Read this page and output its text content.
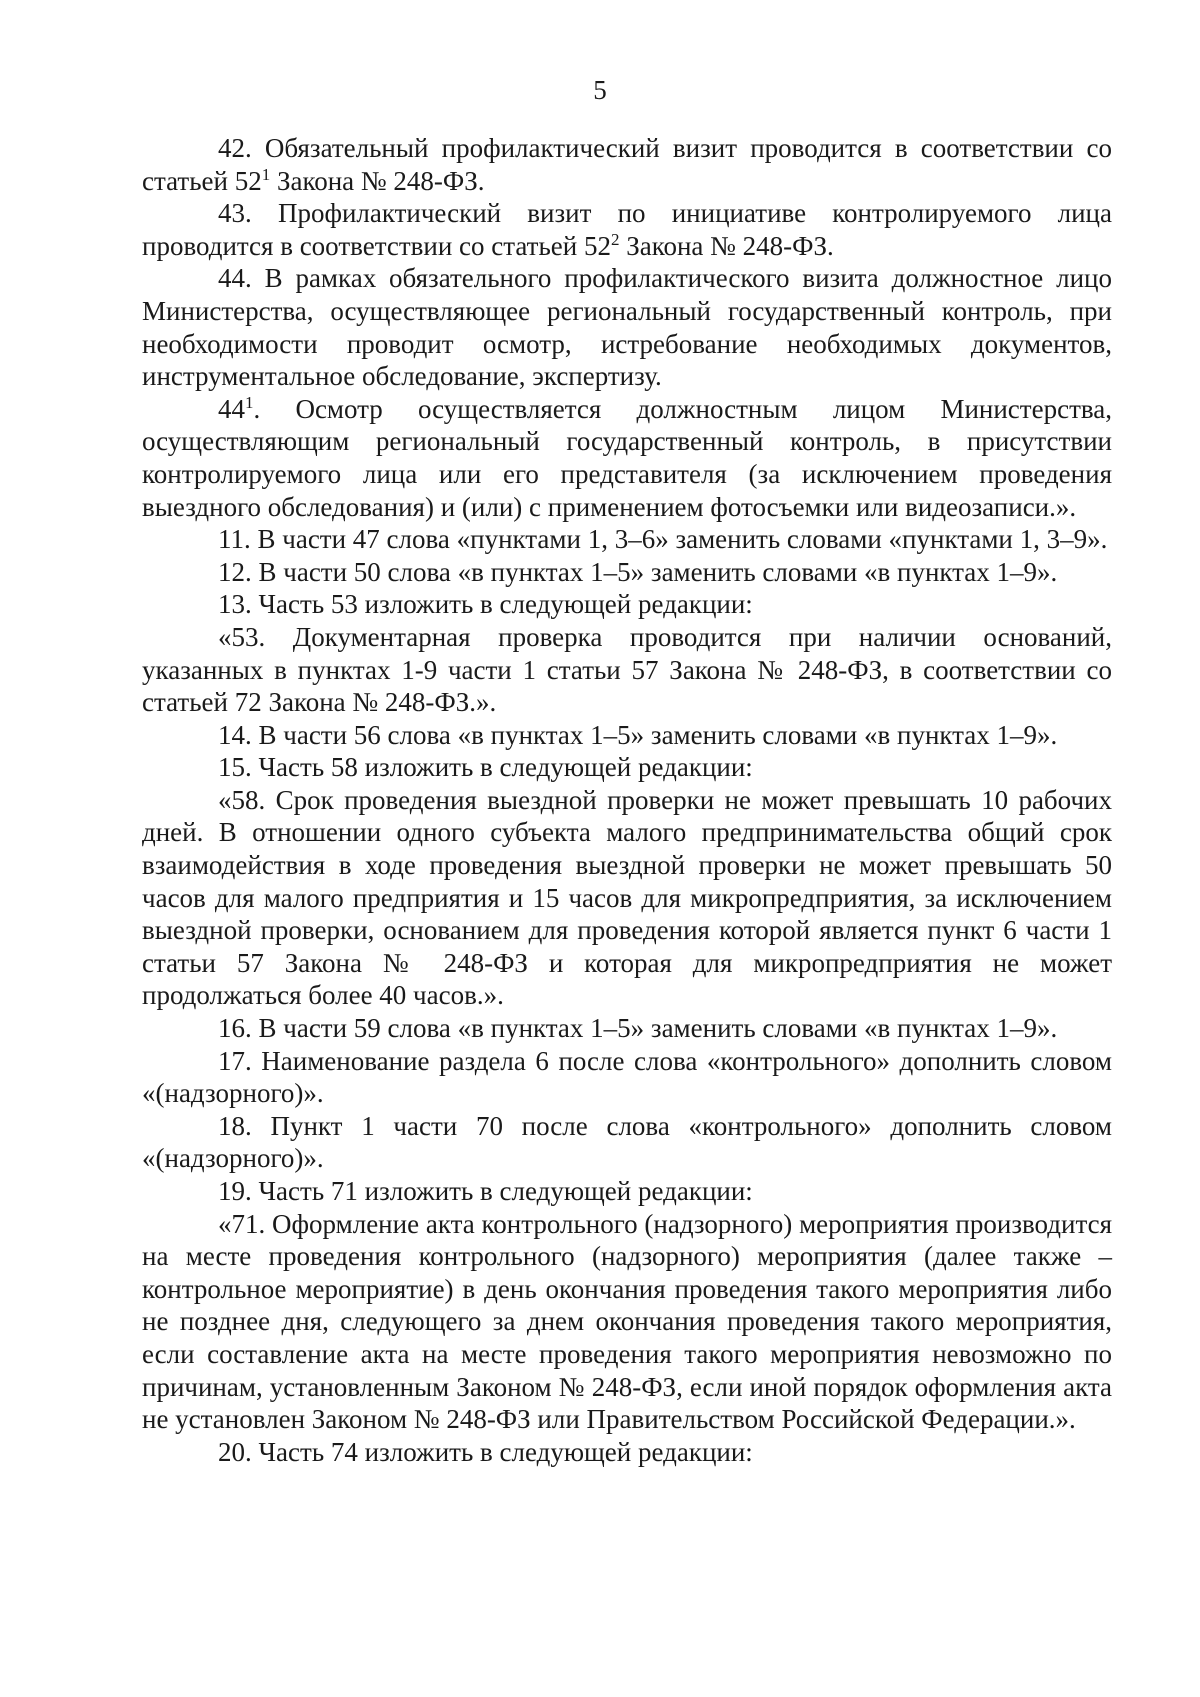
5

42. Обязательный профилактический визит проводится в соответствии со статьей $52^1$ Закона № 248-ФЗ.

43. Профилактический визит по инициативе контролируемого лица проводится в соответствии со статьей $52^2$ Закона № 248-ФЗ.

44. В рамках обязательного профилактического визита должностное лицо Министерства, осуществляющее региональный государственный контроль, при необходимости проводит осмотр, истребование необходимых документов, инструментальное обследование, экспертизу.

$44^1$. Осмотр осуществляется должностным лицом Министерства, осуществляющим региональный государственный контроль, в присутствии контролируемого лица или его представителя (за исключением проведения выездного обследования) и (или) с применением фотосъемки или видеозаписи.».

11. В части 47 слова «пунктами 1, 3–6» заменить словами «пунктами 1, 3–9».

12. В части 50 слова «в пунктах 1–5» заменить словами «в пунктах 1–9».

13. Часть 53 изложить в следующей редакции:

«53. Документарная проверка проводится при наличии оснований, указанных в пунктах 1-9 части 1 статьи 57 Закона № 248-ФЗ, в соответствии со статьей 72 Закона № 248-ФЗ.».

14. В части 56 слова «в пунктах 1–5» заменить словами «в пунктах 1–9».

15. Часть 58 изложить в следующей редакции:

«58. Срок проведения выездной проверки не может превышать 10 рабочих дней. В отношении одного субъекта малого предпринимательства общий срок взаимодействия в ходе проведения выездной проверки не может превышать 50 часов для малого предприятия и 15 часов для микропредприятия, за исключением выездной проверки, основанием для проведения которой является пункт 6 части 1 статьи 57 Закона № 248-ФЗ и которая для микропредприятия не может продолжаться более 40 часов.».

16. В части 59 слова «в пунктах 1–5» заменить словами «в пунктах 1–9».

17. Наименование раздела 6 после слова «контрольного» дополнить словом «(надзорного)».

18. Пункт 1 части 70 после слова «контрольного» дополнить словом «(надзорного)».

19. Часть 71 изложить в следующей редакции:

«71. Оформление акта контрольного (надзорного) мероприятия производится на месте проведения контрольного (надзорного) мероприятия (далее также – контрольное мероприятие) в день окончания проведения такого мероприятия либо не позднее дня, следующего за днем окончания проведения такого мероприятия, если составление акта на месте проведения такого мероприятия невозможно по причинам, установленным Законом № 248-ФЗ, если иной порядок оформления акта не установлен Законом № 248-ФЗ или Правительством Российской Федерации.».

20. Часть 74 изложить в следующей редакции:
